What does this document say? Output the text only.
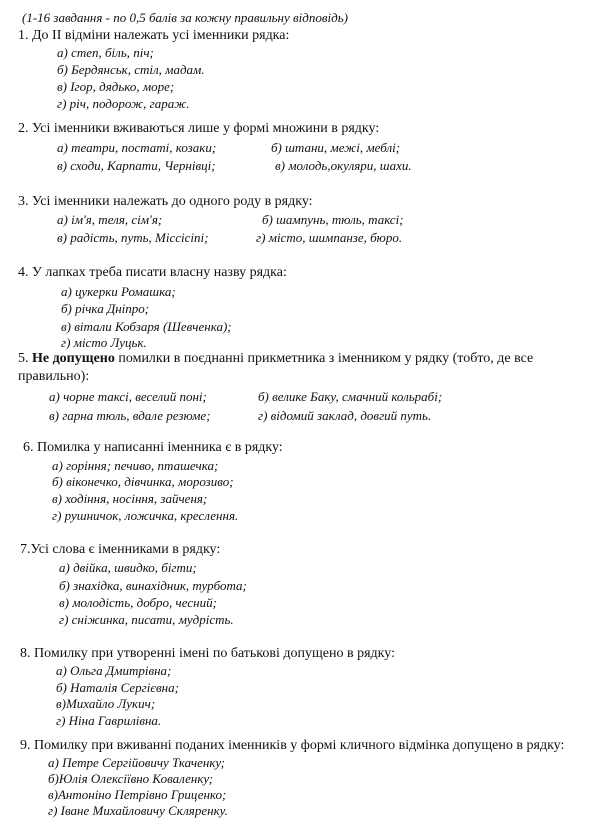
(1-16 завдання - по 0,5 балів за кожну правильну відповідь)
1. До ІІ відміни належать усі іменники рядка:
а) степ, біль, піч;
б) Бердянськ, стіл, мадам.
в) Ігор, дядько, море;
г) річ, подорож, гараж.
2. Усі іменники вживаються лише у формі множини в рядку:
а) театри, постаті, козаки;	б) штани, межі, меблі;
в) сходи, Карпати, Чернівці;	в) молодь,окуляри, шахи.
3. Усі іменники належать до одного роду в рядку:
а) ім'я, теля, сім'я;	б) шампунь, тюль, таксі;
в) радість, путь, Міссісіпі;	г) місто, шимпанзе, бюро.
4. У лапках треба писати власну назву рядка:
а) цукерки Ромашка;
б) річка Дніпро;
в) вітали Кобзаря (Шевченка);
г) місто Луцьк.
5. Не допущено помилки в поєднанні прикметника з іменником у рядку (тобто, де все
правильно):
а) чорне таксі, веселий поні;	б) велике Баку, смачний кольрабі;
в) гарна тюль, вдале резюме;	г) відомий заклад, довгий путь.
6. Помилка у написанні іменника є в рядку:
а) горіння; печиво, пташечка;
б) віконечко, дівчинка, морозиво;
в) ходіння, носіння, зайченя;
г) рушничок, ложичка, креслення.
7.Усі слова є іменниками в рядку:
а) двійка, швидко, бігти;
б) знахідка, винахідник, турбота;
в) молодість, добро, чесний;
г) сніжинка, писати, мудрість.
8. Помилку при утворенні імені по батькові допущено в рядку:
а) Ольга Дмитрівна;
б) Наталія Сергієвна;
в)Михайло Лукич;
г) Ніна Гаврилівна.
9. Помилку при вживанні поданих іменників у формі кличного відмінка допущено в рядку:
а) Петре Сергійовичу Ткаченку;
б)Юлія Олексіївно Коваленку;
в)Антоніно Петрівно Гриценко;
г) Іване Михайловичу Скляренку.
